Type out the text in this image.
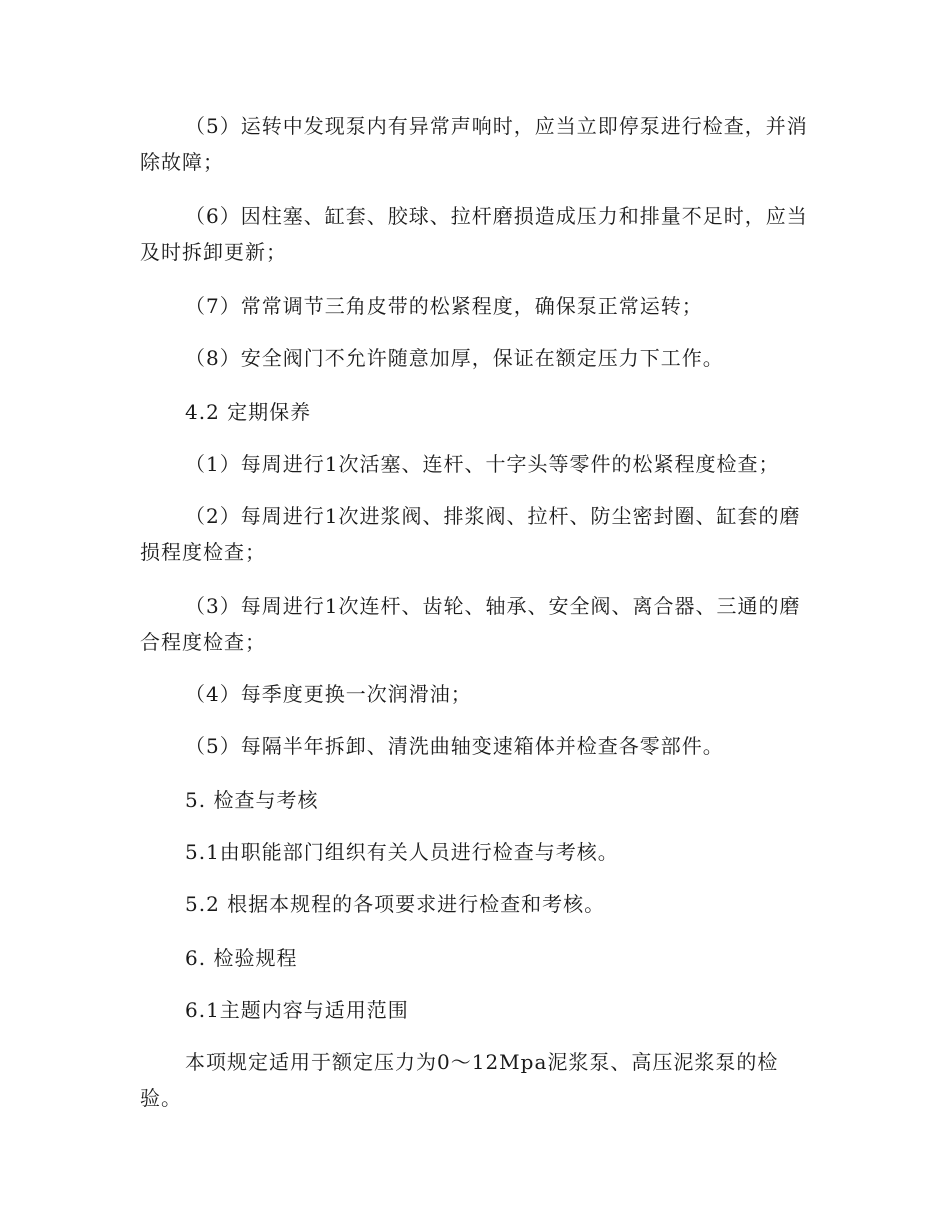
（5）运转中发现泵内有异常声响时，应当立即停泵进行检查，并消除故障；

（6）因柱塞、缸套、胶球、拉杆磨损造成压力和排量不足时，应当及时拆卸更新；

（7）常常调节三角皮带的松紧程度，确保泵正常运转；

（8）安全阀门不允许随意加厚，保证在额定压力下工作。

4.2 定期保养

（1）每周进行1次活塞、连杆、十字头等零件的松紧程度检查；

（2）每周进行1次进浆阀、排浆阀、拉杆、防尘密封圈、缸套的磨损程度检查；

（3）每周进行1次连杆、齿轮、轴承、安全阀、离合器、三通的磨合程度检查；

（4）每季度更换一次润滑油；

（5）每隔半年拆卸、清洗曲轴变速箱体并检查各零部件。

5. 检查与考核

5.1由职能部门组织有关人员进行检查与考核。

5.2 根据本规程的各项要求进行检查和考核。

6. 检验规程

6.1主题内容与适用范围

本项规定适用于额定压力为0～12Mpa泥浆泵、高压泥浆泵的检验。
